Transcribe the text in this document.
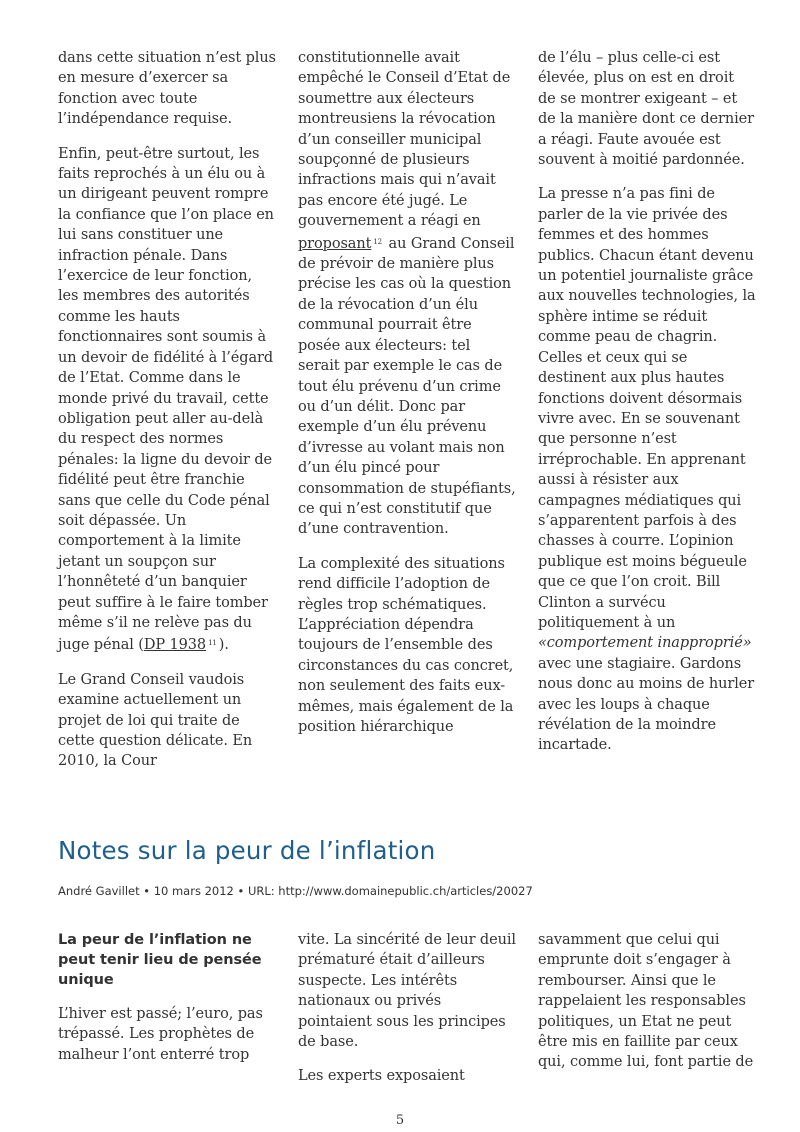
dans cette situation n’est plus en mesure d’exercer sa fonction avec toute l’indépendance requise.

Enfin, peut-être surtout, les faits reprochés à un élu ou à un dirigeant peuvent rompre la confiance que l’on place en lui sans constituer une infraction pénale. Dans l’exercice de leur fonction, les membres des autorités comme les hauts fonctionnaires sont soumis à un devoir de fidélité à l’égard de l’Etat. Comme dans le monde privé du travail, cette obligation peut aller au-delà du respect des normes pénales: la ligne du devoir de fidélité peut être franchie sans que celle du Code pénal soit dépassée. Un comportement à la limite jetant un soupçon sur l’honnêteté d’un banquier peut suffire à le faire tomber même s’il ne relève pas du juge pénal (DP 1938 $^{11}$ ).

Le Grand Conseil vaudois examine actuellement un projet de loi qui traite de cette question délicate. En 2010, la Cour

constitutionnelle avait empêché le Conseil d’Etat de soumettre aux électeurs montreusiens la révocation d’un conseiller municipal soupçonné de plusieurs infractions mais qui n’avait pas encore été jugé. Le gouvernement a réagi en proposant $^{12}$ au Grand Conseil de prévoir de manière plus précise les cas où la question de la révocation d’un élu communal pourrait être posée aux électeurs: tel serait par exemple le cas de tout élu prévenu d’un crime ou d’un délit. Donc par exemple d’un élu prévenu d’ivresse au volant mais non d’un élu pincé pour consommation de stupéfiants, ce qui n’est constitutif que d’une contravention.

La complexité des situations rend difficile l’adoption de règles trop schématiques. L’appréciation dépendra toujours de l’ensemble des circonstances du cas concret, non seulement des faits eux-mêmes, mais également de la position hiérarchique

de l’élu – plus celle-ci est élevée, plus on est en droit de se montrer exigeant – et de la manière dont ce dernier a réagi. Faute avouée est souvent à moitié pardonnée.

La presse n’a pas fini de parler de la vie privée des femmes et des hommes publics. Chacun étant devenu un potentiel journaliste grâce aux nouvelles technologies, la sphère intime se réduit comme peau de chagrin. Celles et ceux qui se destinent aux plus hautes fonctions doivent désormais vivre avec. En se souvenant que personne n’est irréprochable. En apprenant aussi à résister aux campagnes médiatiques qui s’apparentent parfois à des chasses à courre. L’opinion publique est moins bégueule que ce que l’on croit. Bill Clinton a survécu politiquement à un «comportement inapproprié» avec une stagiaire. Gardons nous donc au moins de hurler avec les loups à chaque révélation de la moindre incartade.

Notes sur la peur de l’inflation
André Gavillet • 10 mars 2012 • URL: http://www.domainepublic.ch/articles/20027
La peur de l’inflation ne peut tenir lieu de pensée unique

L’hiver est passé; l’euro, pas trépassé. Les prophètes de malheur l’ont enterré trop

vite. La sincérité de leur deuil prématuré était d’ailleurs suspecte. Les intérêts nationaux ou privés pointaient sous les principes de base.

Les experts exposaient

savamment que celui qui emprunte doit s’engager à rembourser. Ainsi que le rappelaient les responsables politiques, un Etat ne peut être mis en faillite par ceux qui, comme lui, font partie de

5
